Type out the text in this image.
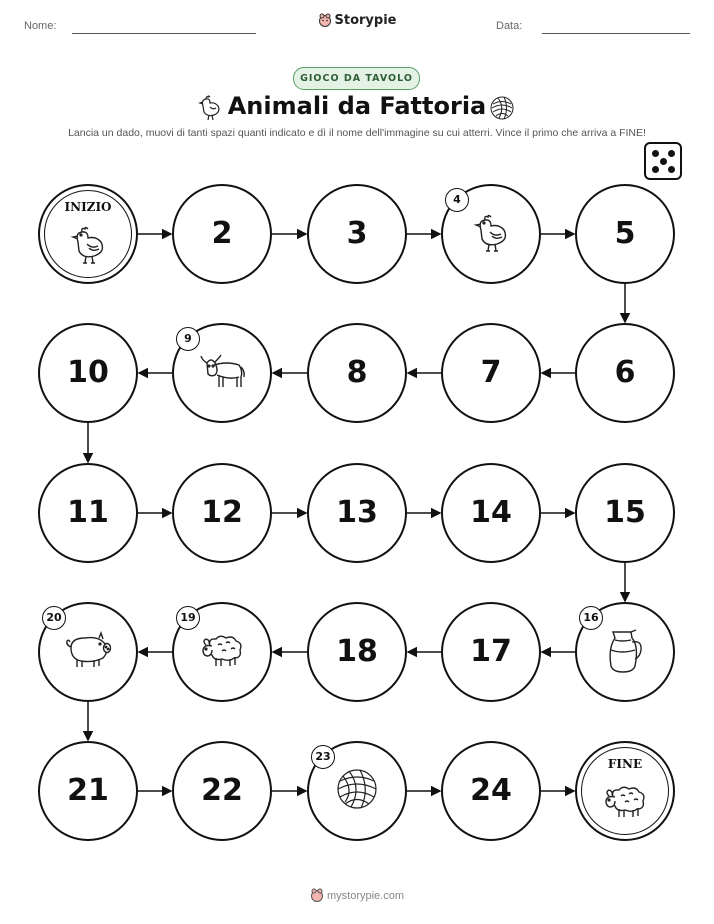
Nome:	Storypie	Data:
GIOCO DA TAVOLO
Animali da Fattoria
Lancia un dado, muovi di tanti spazi quanti indicato e dì il nome dell'immagine su cui atterri. Vince il primo che arriva a FINE!
INIZIO
2	3
4
5
6
7
8
9
10
11	12	13	14	15
16
17
18
19
20
21	22
23
24
FINE
mystorypie.com
